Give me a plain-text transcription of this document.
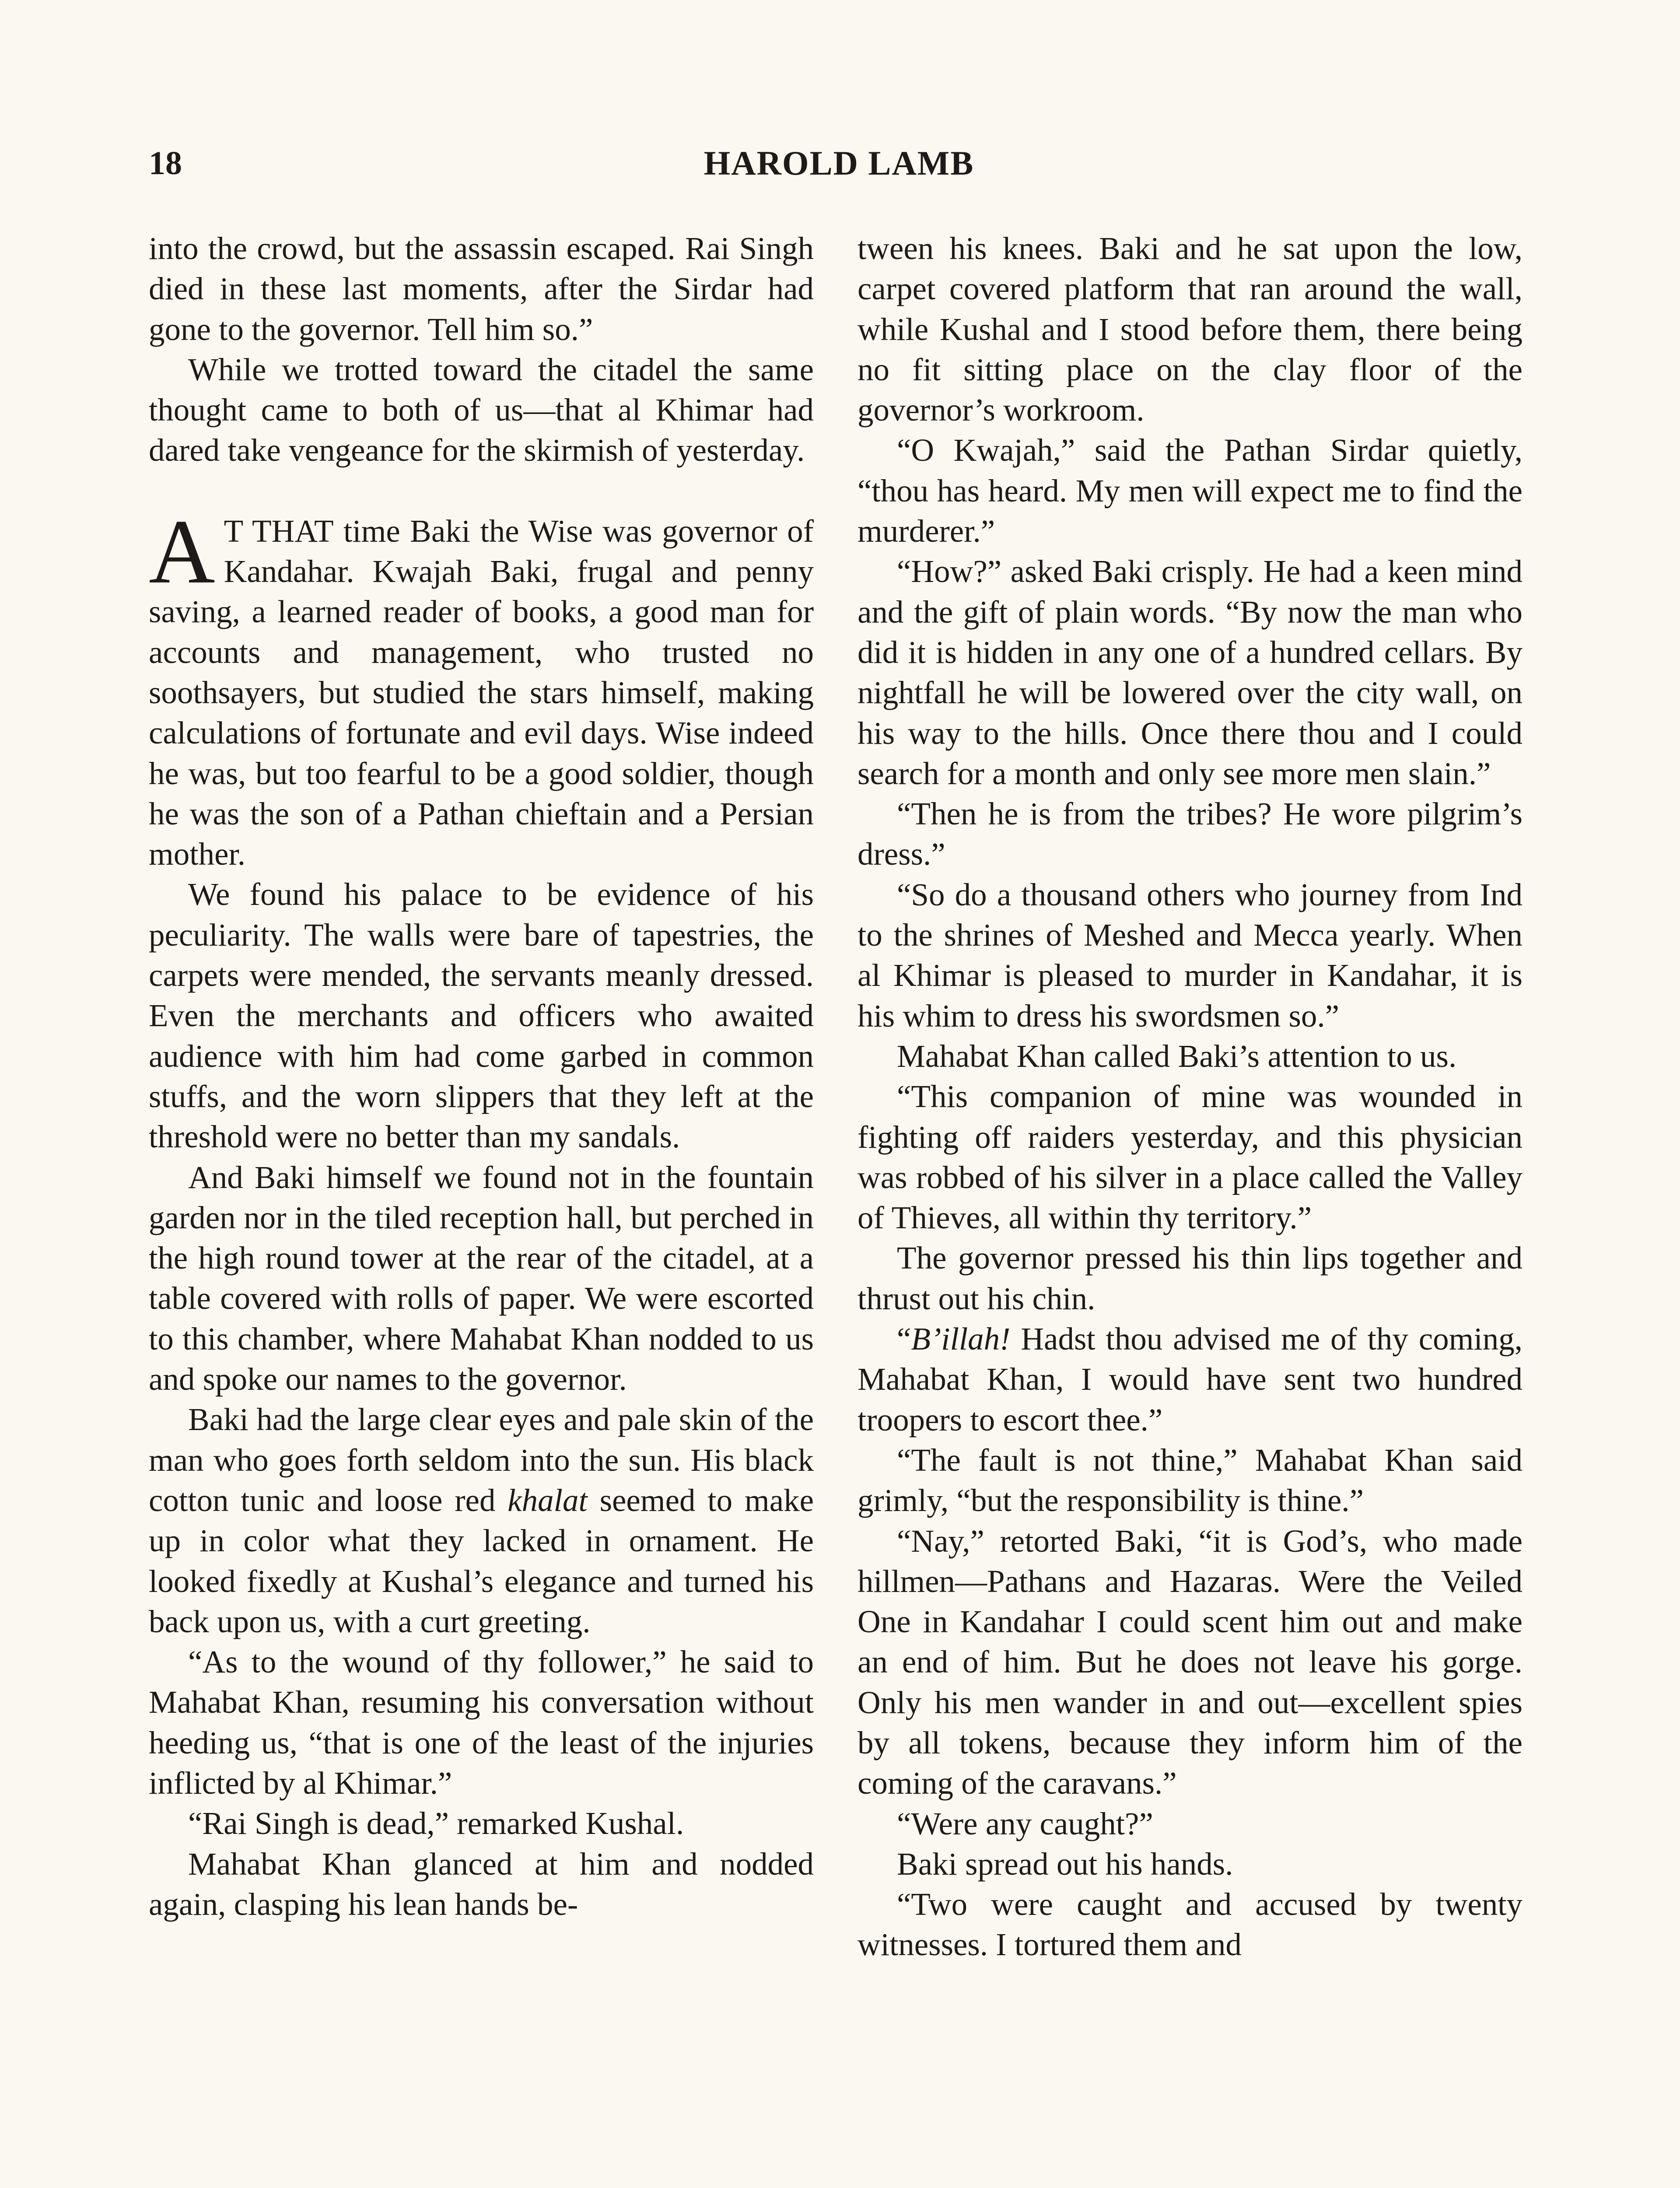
18	HAROLD LAMB

into the crowd, but the assassin escaped. Rai Singh died in these last moments, after the Sirdar had gone to the governor. Tell him so.”

While we trotted toward the citadel the same thought came to both of us—that al Khimar had dared take vengeance for the skirmish of yesterday.

A T THAT time Baki the Wise was governor of Kandahar. Kwajah Baki, frugal and penny saving, a learned reader of books, a good man for accounts and management, who trusted no soothsayers, but studied the stars himself, making calculations of fortunate and evil days. Wise indeed he was, but too fearful to be a good soldier, though he was the son of a Pathan chieftain and a Persian mother.

We found his palace to be evidence of his peculiarity. The walls were bare of tapestries, the carpets were mended, the servants meanly dressed. Even the merchants and officers who awaited audience with him had come garbed in common stuffs, and the worn slippers that they left at the threshold were no better than my sandals.

And Baki himself we found not in the fountain garden nor in the tiled reception hall, but perched in the high round tower at the rear of the citadel, at a table covered with rolls of paper. We were escorted to this chamber, where Mahabat Khan nodded to us and spoke our names to the governor.

Baki had the large clear eyes and pale skin of the man who goes forth seldom into the sun. His black cotton tunic and loose red khalat seemed to make up in color what they lacked in ornament. He looked fixedly at Kushal’s elegance and turned his back upon us, with a curt greeting.

“As to the wound of thy follower,” he said to Mahabat Khan, resuming his conversation without heeding us, “that is one of the least of the injuries inflicted by al Khimar.”

“Rai Singh is dead,” remarked Kushal.

Mahabat Khan glanced at him and nodded again, clasping his lean hands be-

tween his knees. Baki and he sat upon the low, carpet covered platform that ran around the wall, while Kushal and I stood before them, there being no fit sitting place on the clay floor of the governor’s workroom.

“O Kwajah,” said the Pathan Sirdar quietly, “thou has heard. My men will expect me to find the murderer.”

“How?” asked Baki crisply. He had a keen mind and the gift of plain words. “By now the man who did it is hidden in any one of a hundred cellars. By nightfall he will be lowered over the city wall, on his way to the hills. Once there thou and I could search for a month and only see more men slain.”

“Then he is from the tribes? He wore pilgrim’s dress.”

“So do a thousand others who journey from Ind to the shrines of Meshed and Mecca yearly. When al Khimar is pleased to murder in Kandahar, it is his whim to dress his swordsmen so.”

Mahabat Khan called Baki’s attention to us.

“This companion of mine was wounded in fighting off raiders yesterday, and this physician was robbed of his silver in a place called the Valley of Thieves, all within thy territory.”

The governor pressed his thin lips together and thrust out his chin.

“B’illah! Hadst thou advised me of thy coming, Mahabat Khan, I would have sent two hundred troopers to escort thee.”

“The fault is not thine,” Mahabat Khan said grimly, “but the responsibility is thine.”

“Nay,” retorted Baki, “it is God’s, who made hillmen—Pathans and Hazaras. Were the Veiled One in Kandahar I could scent him out and make an end of him. But he does not leave his gorge. Only his men wander in and out—excellent spies by all tokens, because they inform him of the coming of the caravans.”

“Were any caught?”

Baki spread out his hands.

“Two were caught and accused by twenty witnesses. I tortured them and
